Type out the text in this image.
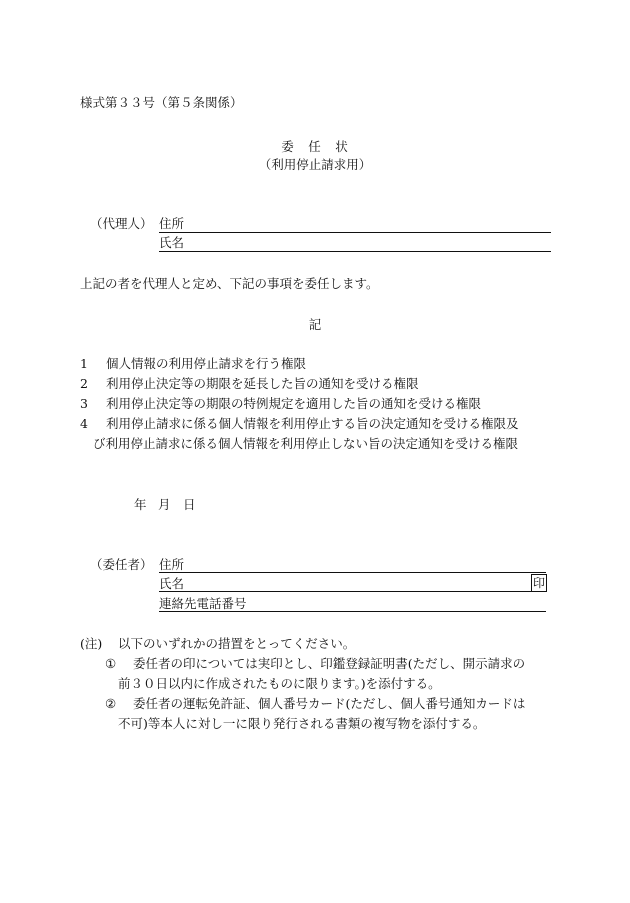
様式第３３号（第５条関係）
委　任　状
（利用停止請求用）
（代理人） 住所
氏名
上記の者を代理人と定め、下記の事項を委任します。
記
1	個人情報の利用停止請求を行う権限
2	利用停止決定等の期限を延長した旨の通知を受ける権限
3	利用停止決定等の期限の特例規定を適用した旨の通知を受ける権限
4	利用停止請求に係る個人情報を利用停止する旨の決定通知を受ける権限及
び利用停止請求に係る個人情報を利用停止しない旨の決定通知を受ける権限
年 月 日
（委任者） 住所
氏名	印
連絡先電話番号
(注) 以下のいずれかの措置をとってください。
① 委任者の印については実印とし、印鑑登録証明書(ただし、開示請求の
前３０日以内に作成されたものに限ります。)を添付する。
② 委任者の運転免許証、個人番号カード(ただし、個人番号通知カードは
不可)等本人に対し一に限り発行される書類の複写物を添付する。
